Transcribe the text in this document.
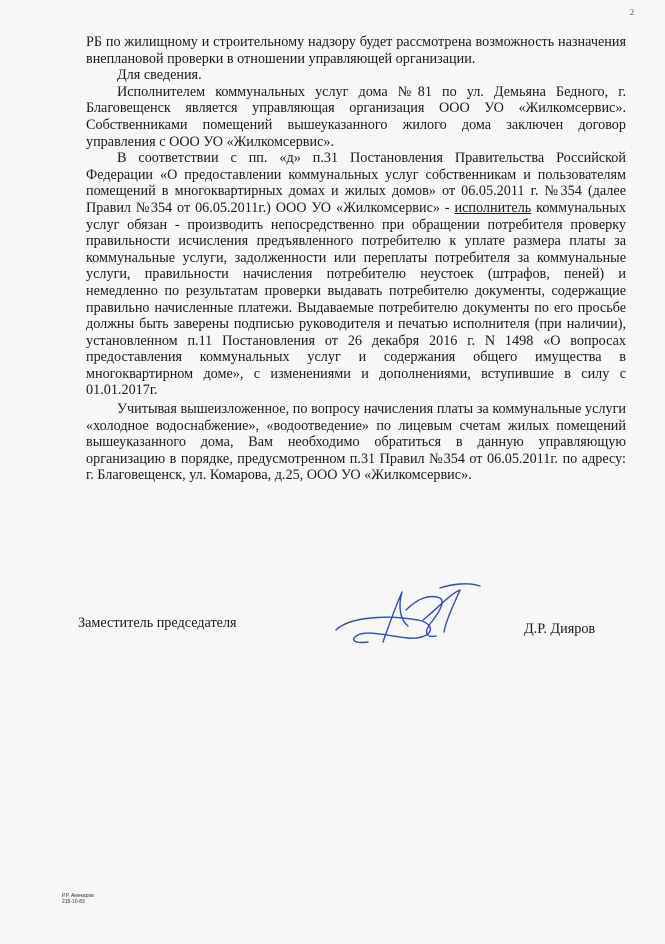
2

РБ по жилищному и строительному надзору будет рассмотрена возможность назначения внеплановой проверки в отношении управляющей организации.

Для сведения.

Исполнителем коммунальных услуг дома №81 по ул. Демьяна Бедного, г. Благовещенск является управляющая организация ООО УО «Жилкомсервис». Собственниками помещений вышеуказанного жилого дома заключен договор управления с ООО УО «Жилкомсервис».

В соответствии с пп. «д» п.31 Постановления Правительства Российской Федерации «О предоставлении коммунальных услуг собственникам и пользователям помещений в многоквартирных домах и жилых домов» от 06.05.2011 г. №354 (далее Правил №354 от 06.05.2011г.) ООО УО «Жилкомсервис» - исполнитель коммунальных услуг обязан - производить непосредственно при обращении потребителя проверку правильности исчисления предъявленного потребителю к уплате размера платы за коммунальные услуги, задолженности или переплаты потребителя за коммунальные услуги, правильности начисления потребителю неустоек (штрафов, пеней) и немедленно по результатам проверки выдавать потребителю документы, содержащие правильно начисленные платежи. Выдаваемые потребителю документы по его просьбе должны быть заверены подписью руководителя и печатью исполнителя (при наличии), установленном п.11 Постановления от 26 декабря 2016 г. N 1498 «О вопросах предоставления коммунальных услуг и содержания общего имущества в многоквартирном доме», с изменениями и дополнениями, вступившие в силу с 01.01.2017г.

Учитывая вышеизложенное, по вопросу начисления платы за коммунальные услуги «холодное водоснабжение», «водоотведение» по лицевым счетам жилых помещений вышеуказанного дома, Вам необходимо обратиться в данную управляющую организацию в порядке, предусмотренном п.31 Правил №354 от 06.05.2011г. по адресу: г. Благовещенск, ул. Комарова, д.25, ООО УО «Жилкомсервис».

Заместитель председателя	Д.Р. Дияров
Р.Р. Амекаров
218-10-83
